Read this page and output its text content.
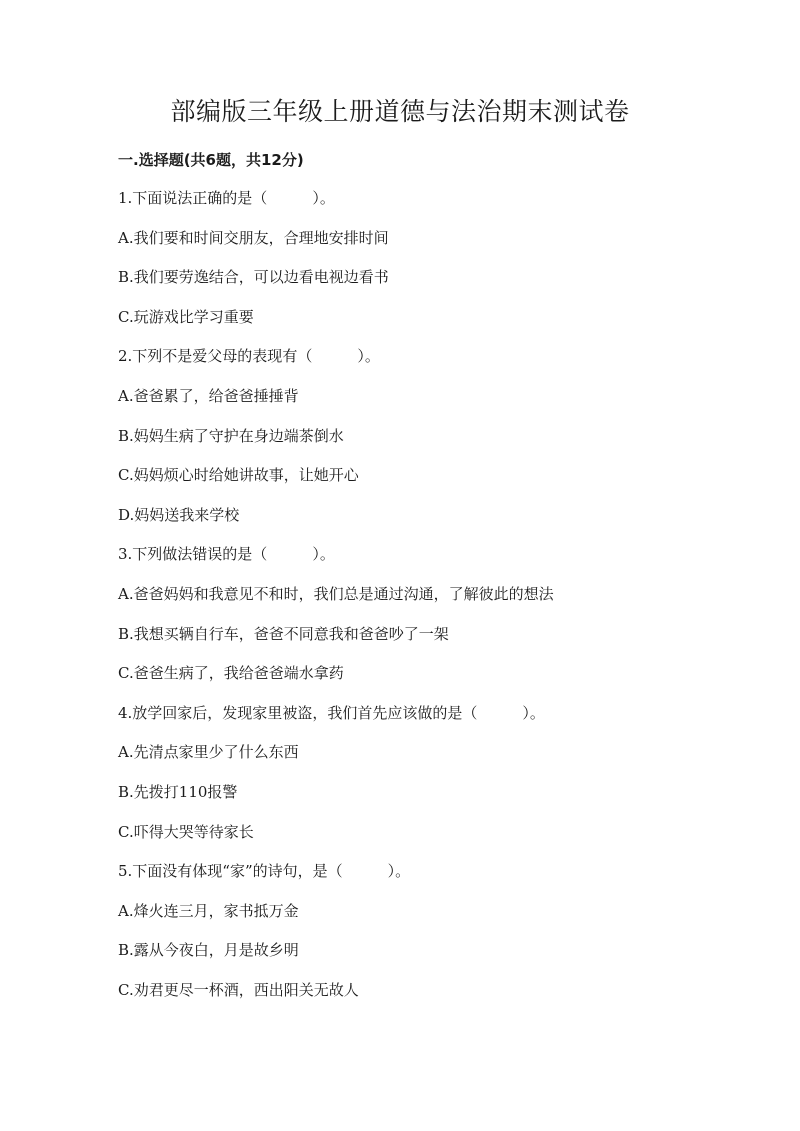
部编版三年级上册道德与法治期末测试卷
一.选择题(共6题，共12分)
1.下面说法正确的是（　　　）。
A.我们要和时间交朋友，合理地安排时间
B.我们要劳逸结合，可以边看电视边看书
C.玩游戏比学习重要
2.下列不是爱父母的表现有（　　　）。
A.爸爸累了，给爸爸捶捶背
B.妈妈生病了守护在身边端茶倒水
C.妈妈烦心时给她讲故事，让她开心
D.妈妈送我来学校
3.下列做法错误的是（　　　）。
A.爸爸妈妈和我意见不和时，我们总是通过沟通，了解彼此的想法
B.我想买辆自行车，爸爸不同意我和爸爸吵了一架
C.爸爸生病了，我给爸爸端水拿药
4.放学回家后，发现家里被盗，我们首先应该做的是（　　　）。
A.先清点家里少了什么东西
B.先拨打110报警
C.吓得大哭等待家长
5.下面没有体现“家”的诗句，是（　　　）。
A.烽火连三月，家书抵万金
B.露从今夜白，月是故乡明
C.劝君更尽一杯酒，西出阳关无故人
